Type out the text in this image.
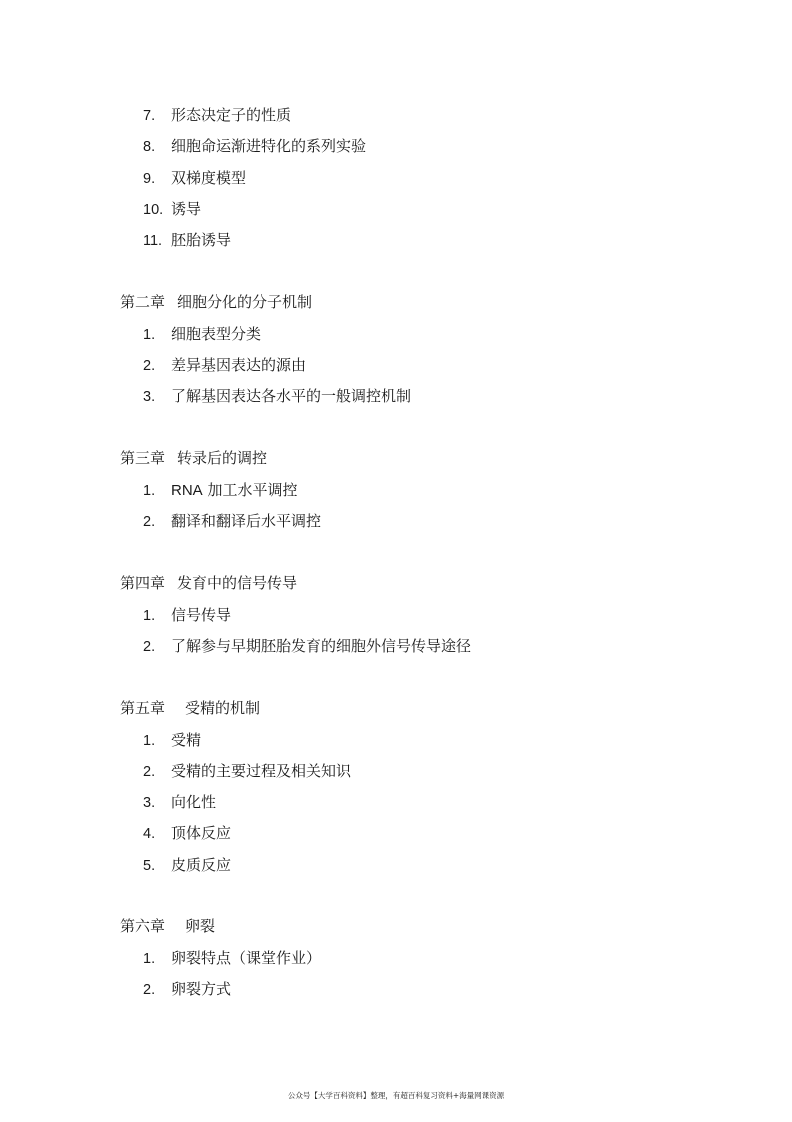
7. 形态决定子的性质
8. 细胞命运渐进特化的系列实验
9. 双梯度模型
10. 诱导
11. 胚胎诱导
第二章 细胞分化的分子机制
1. 细胞表型分类
2. 差异基因表达的源由
3. 了解基因表达各水平的一般调控机制
第三章 转录后的调控
1. RNA 加工水平调控
2. 翻译和翻译后水平调控
第四章 发育中的信号传导
1. 信号传导
2. 了解参与早期胚胎发育的细胞外信号传导途径
第五章 受精的机制
1. 受精
2. 受精的主要过程及相关知识
3. 向化性
4. 顶体反应
5. 皮质反应
第六章 卵裂
1. 卵裂特点（课堂作业）
2. 卵裂方式
公众号【大学百科资料】整理，有超百科复习资料+海量网课资源
